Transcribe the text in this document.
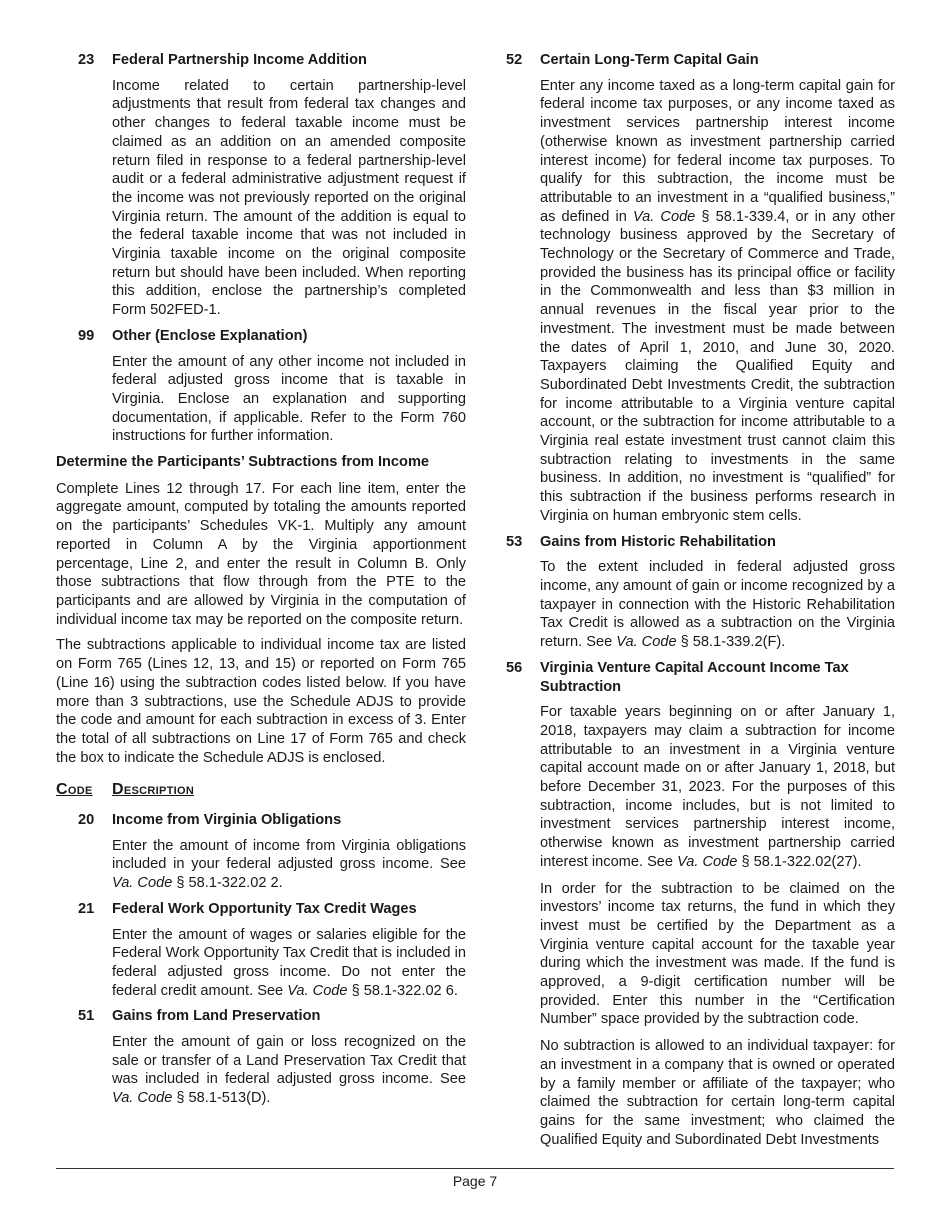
23	Federal Partnership Income Addition
Income related to certain partnership-level adjustments that result from federal tax changes and other changes to federal taxable income must be claimed as an addition on an amended composite return filed in response to a federal partnership-level audit or a federal administrative adjustment request if the income was not previously reported on the original Virginia return. The amount of the addition is equal to the federal taxable income that was not included in Virginia taxable income on the original composite return but should have been included. When reporting this addition, enclose the partnership’s completed Form 502FED-1.
99	Other (Enclose Explanation)
Enter the amount of any other income not included in federal adjusted gross income that is taxable in Virginia. Enclose an explanation and supporting documentation, if applicable. Refer to the Form 760 instructions for further information.
Determine the Participants’ Subtractions from Income
Complete Lines 12 through 17. For each line item, enter the aggregate amount, computed by totaling the amounts reported on the participants’ Schedules VK-1. Multiply any amount reported in Column A by the Virginia apportionment percentage, Line 2, and enter the result in Column B. Only those subtractions that flow through from the PTE to the participants and are allowed by Virginia in the computation of individual income tax may be reported on the composite return.
The subtractions applicable to individual income tax are listed on Form 765 (Lines 12, 13, and 15) or reported on Form 765 (Line 16) using the subtraction codes listed below. If you have more than 3 subtractions, use the Schedule ADJS to provide the code and amount for each subtraction in excess of 3. Enter the total of all subtractions on Line 17 of Form 765 and check the box to indicate the Schedule ADJS is enclosed.
Code	Description
20	Income from Virginia Obligations
Enter the amount of income from Virginia obligations included in your federal adjusted gross income. See Va. Code § 58.1-322.02 2.
21	Federal Work Opportunity Tax Credit Wages
Enter the amount of wages or salaries eligible for the Federal Work Opportunity Tax Credit that is included in federal adjusted gross income. Do not enter the federal credit amount. See Va. Code § 58.1-322.02 6.
51	Gains from Land Preservation
Enter the amount of gain or loss recognized on the sale or transfer of a Land Preservation Tax Credit that was included in federal adjusted gross income. See Va. Code § 58.1-513(D).
52	Certain Long-Term Capital Gain
Enter any income taxed as a long-term capital gain for federal income tax purposes, or any income taxed as investment services partnership interest income (otherwise known as investment partnership carried interest income) for federal income tax purposes. To qualify for this subtraction, the income must be attributable to an investment in a “qualified business,” as defined in Va. Code § 58.1-339.4, or in any other technology business approved by the Secretary of Technology or the Secretary of Commerce and Trade, provided the business has its principal office or facility in the Commonwealth and less than $3 million in annual revenues in the fiscal year prior to the investment. The investment must be made between the dates of April 1, 2010, and June 30, 2020. Taxpayers claiming the Qualified Equity and Subordinated Debt Investments Credit, the subtraction for income attributable to a Virginia venture capital account, or the subtraction for income attributable to a Virginia real estate investment trust cannot claim this subtraction relating to investments in the same business. In addition, no investment is “qualified” for this subtraction if the business performs research in Virginia on human embryonic stem cells.
53	Gains from Historic Rehabilitation
To the extent included in federal adjusted gross income, any amount of gain or income recognized by a taxpayer in connection with the Historic Rehabilitation Tax Credit is allowed as a subtraction on the Virginia return. See Va. Code § 58.1-339.2(F).
56	Virginia Venture Capital Account Income Tax Subtraction

For taxable years beginning on or after January 1, 2018, taxpayers may claim a subtraction for income attributable to an investment in a Virginia venture capital account made on or after January 1, 2018, but before December 31, 2023. For the purposes of this subtraction, income includes, but is not limited to investment services partnership interest income, otherwise known as investment partnership carried interest income. See Va. Code § 58.1-322.02(27).

In order for the subtraction to be claimed on the investors’ income tax returns, the fund in which they invest must be certified by the Department as a Virginia venture capital account for the taxable year during which the investment was made. If the fund is approved, a 9-digit certification number will be provided. Enter this number in the “Certification Number” space provided by the subtraction code.

No subtraction is allowed to an individual taxpayer: for an investment in a company that is owned or operated by a family member or affiliate of the taxpayer; who claimed the subtraction for certain long-term capital gains for the same investment; who claimed the Qualified Equity and Subordinated Debt Investments

Page 7
